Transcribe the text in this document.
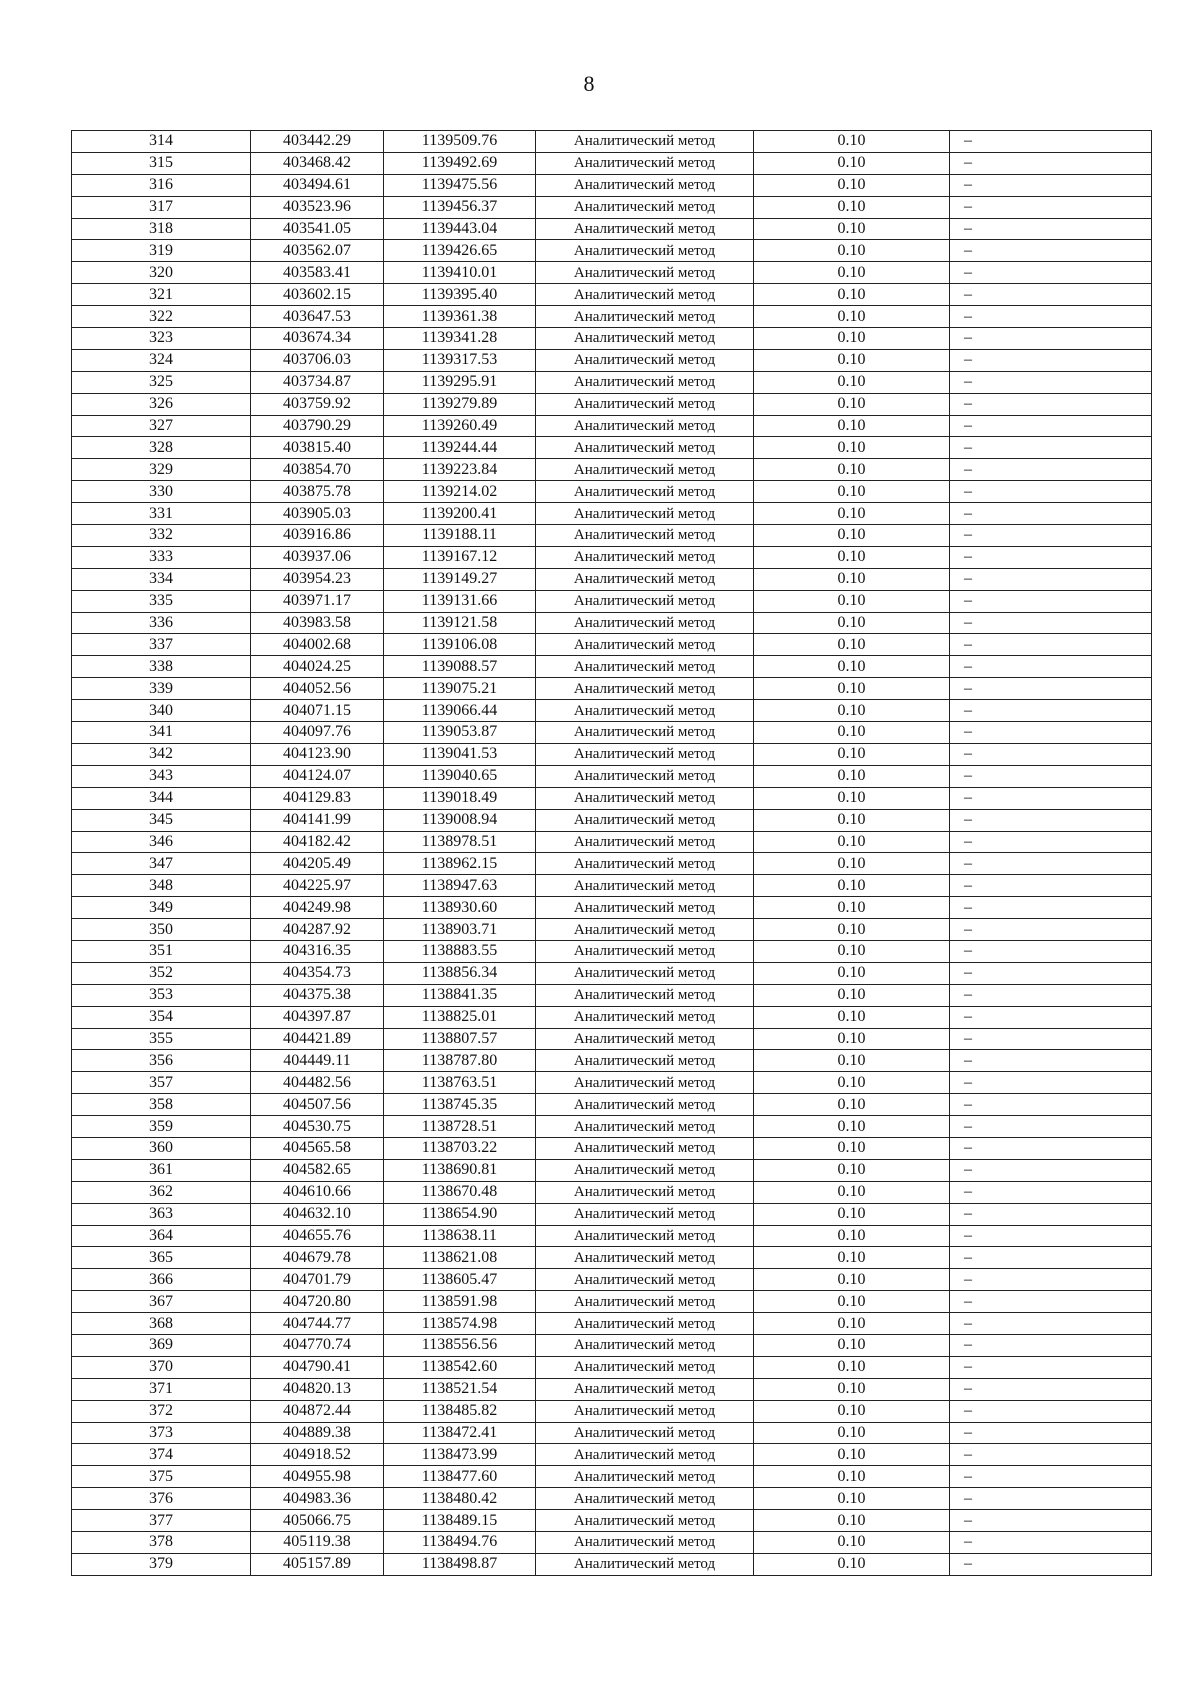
8
314	403442.29	1139509.76	Аналитический метод	0.10	–
315	403468.42	1139492.69	Аналитический метод	0.10	–
316	403494.61	1139475.56	Аналитический метод	0.10	–
317	403523.96	1139456.37	Аналитический метод	0.10	–
318	403541.05	1139443.04	Аналитический метод	0.10	–
319	403562.07	1139426.65	Аналитический метод	0.10	–
320	403583.41	1139410.01	Аналитический метод	0.10	–
321	403602.15	1139395.40	Аналитический метод	0.10	–
322	403647.53	1139361.38	Аналитический метод	0.10	–
323	403674.34	1139341.28	Аналитический метод	0.10	–
324	403706.03	1139317.53	Аналитический метод	0.10	–
325	403734.87	1139295.91	Аналитический метод	0.10	–
326	403759.92	1139279.89	Аналитический метод	0.10	–
327	403790.29	1139260.49	Аналитический метод	0.10	–
328	403815.40	1139244.44	Аналитический метод	0.10	–
329	403854.70	1139223.84	Аналитический метод	0.10	–
330	403875.78	1139214.02	Аналитический метод	0.10	–
331	403905.03	1139200.41	Аналитический метод	0.10	–
332	403916.86	1139188.11	Аналитический метод	0.10	–
333	403937.06	1139167.12	Аналитический метод	0.10	–
334	403954.23	1139149.27	Аналитический метод	0.10	–
335	403971.17	1139131.66	Аналитический метод	0.10	–
336	403983.58	1139121.58	Аналитический метод	0.10	–
337	404002.68	1139106.08	Аналитический метод	0.10	–
338	404024.25	1139088.57	Аналитический метод	0.10	–
339	404052.56	1139075.21	Аналитический метод	0.10	–
340	404071.15	1139066.44	Аналитический метод	0.10	–
341	404097.76	1139053.87	Аналитический метод	0.10	–
342	404123.90	1139041.53	Аналитический метод	0.10	–
343	404124.07	1139040.65	Аналитический метод	0.10	–
344	404129.83	1139018.49	Аналитический метод	0.10	–
345	404141.99	1139008.94	Аналитический метод	0.10	–
346	404182.42	1138978.51	Аналитический метод	0.10	–
347	404205.49	1138962.15	Аналитический метод	0.10	–
348	404225.97	1138947.63	Аналитический метод	0.10	–
349	404249.98	1138930.60	Аналитический метод	0.10	–
350	404287.92	1138903.71	Аналитический метод	0.10	–
351	404316.35	1138883.55	Аналитический метод	0.10	–
352	404354.73	1138856.34	Аналитический метод	0.10	–
353	404375.38	1138841.35	Аналитический метод	0.10	–
354	404397.87	1138825.01	Аналитический метод	0.10	–
355	404421.89	1138807.57	Аналитический метод	0.10	–
356	404449.11	1138787.80	Аналитический метод	0.10	–
357	404482.56	1138763.51	Аналитический метод	0.10	–
358	404507.56	1138745.35	Аналитический метод	0.10	–
359	404530.75	1138728.51	Аналитический метод	0.10	–
360	404565.58	1138703.22	Аналитический метод	0.10	–
361	404582.65	1138690.81	Аналитический метод	0.10	–
362	404610.66	1138670.48	Аналитический метод	0.10	–
363	404632.10	1138654.90	Аналитический метод	0.10	–
364	404655.76	1138638.11	Аналитический метод	0.10	–
365	404679.78	1138621.08	Аналитический метод	0.10	–
366	404701.79	1138605.47	Аналитический метод	0.10	–
367	404720.80	1138591.98	Аналитический метод	0.10	–
368	404744.77	1138574.98	Аналитический метод	0.10	–
369	404770.74	1138556.56	Аналитический метод	0.10	–
370	404790.41	1138542.60	Аналитический метод	0.10	–
371	404820.13	1138521.54	Аналитический метод	0.10	–
372	404872.44	1138485.82	Аналитический метод	0.10	–
373	404889.38	1138472.41	Аналитический метод	0.10	–
374	404918.52	1138473.99	Аналитический метод	0.10	–
375	404955.98	1138477.60	Аналитический метод	0.10	–
376	404983.36	1138480.42	Аналитический метод	0.10	–
377	405066.75	1138489.15	Аналитический метод	0.10	–
378	405119.38	1138494.76	Аналитический метод	0.10	–
379	405157.89	1138498.87	Аналитический метод	0.10	–
